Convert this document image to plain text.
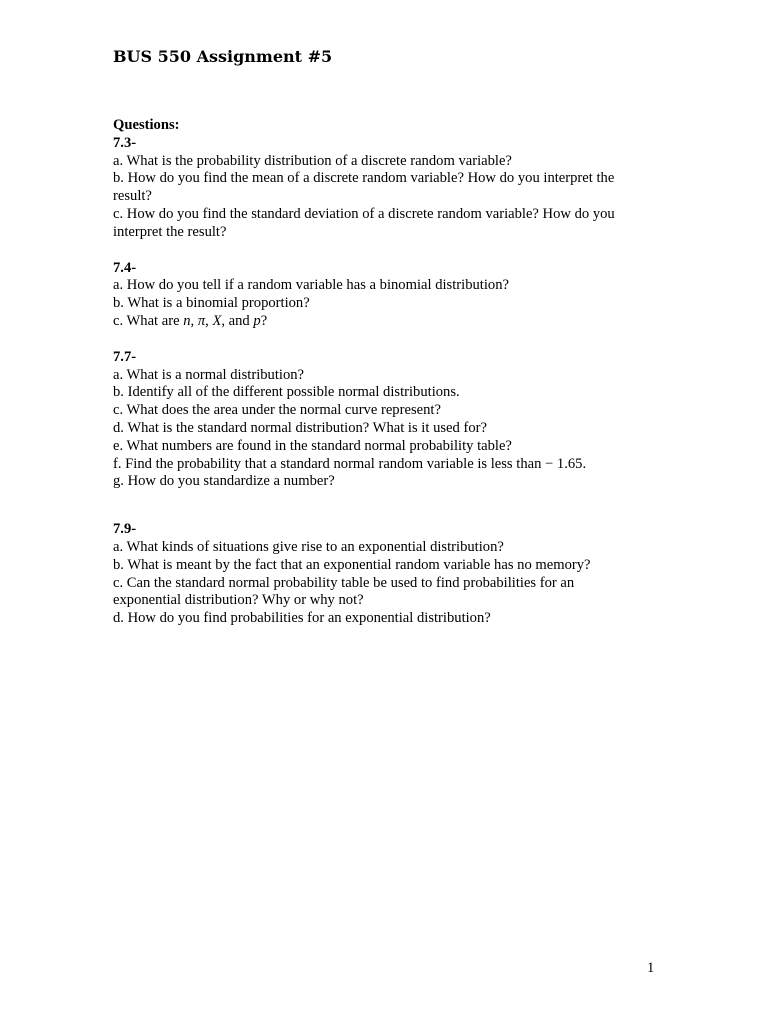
BUS 550 Assignment #5
Questions:
7.3-
a. What is the probability distribution of a discrete random variable?
b. How do you find the mean of a discrete random variable? How do you interpret the result?
c. How do you find the standard deviation of a discrete random variable? How do you interpret the result?
7.4-
a. How do you tell if a random variable has a binomial distribution?
b. What is a binomial proportion?
c. What are n, π, X, and p?
7.7-
a. What is a normal distribution?
b. Identify all of the different possible normal distributions.
c. What does the area under the normal curve represent?
d. What is the standard normal distribution? What is it used for?
e. What numbers are found in the standard normal probability table?
f. Find the probability that a standard normal random variable is less than − 1.65.
g. How do you standardize a number?
7.9-
a. What kinds of situations give rise to an exponential distribution?
b. What is meant by the fact that an exponential random variable has no memory?
c. Can the standard normal probability table be used to find probabilities for an exponential distribution? Why or why not?
d. How do you find probabilities for an exponential distribution?
1
